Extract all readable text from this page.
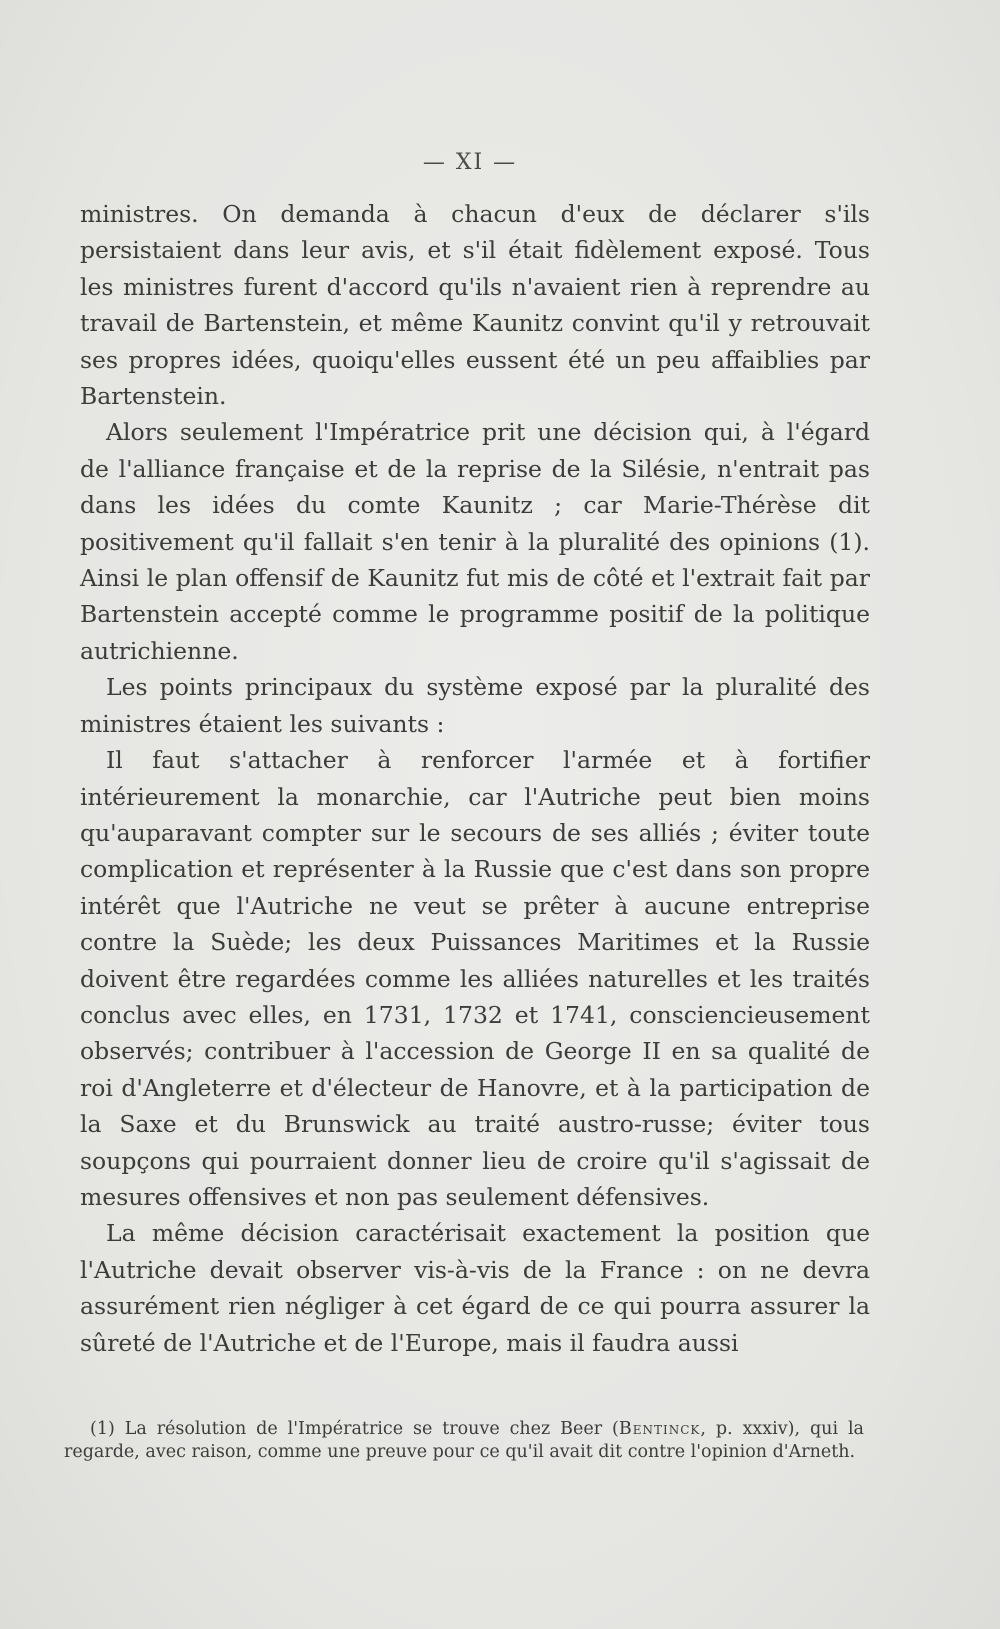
— XI —

ministres. On demanda à chacun d'eux de déclarer s'ils persistaient dans leur avis, et s'il était fidèlement exposé. Tous les ministres furent d'accord qu'ils n'avaient rien à reprendre au travail de Bartenstein, et même Kaunitz convint qu'il y retrouvait ses propres idées, quoiqu'elles eussent été un peu affaiblies par Bartenstein.

Alors seulement l'Impératrice prit une décision qui, à l'égard de l'alliance française et de la reprise de la Silésie, n'entrait pas dans les idées du comte Kaunitz ; car Marie-Thérèse dit positivement qu'il fallait s'en tenir à la pluralité des opinions (1). Ainsi le plan offensif de Kaunitz fut mis de côté et l'extrait fait par Bartenstein accepté comme le programme positif de la politique autrichienne.

Les points principaux du système exposé par la pluralité des ministres étaient les suivants :

Il faut s'attacher à renforcer l'armée et à fortifier intérieurement la monarchie, car l'Autriche peut bien moins qu'auparavant compter sur le secours de ses alliés ; éviter toute complication et représenter à la Russie que c'est dans son propre intérêt que l'Autriche ne veut se prêter à aucune entreprise contre la Suède; les deux Puissances Maritimes et la Russie doivent être regardées comme les alliées naturelles et les traités conclus avec elles, en 1731, 1732 et 1741, consciencieusement observés; contribuer à l'accession de George II en sa qualité de roi d'Angleterre et d'électeur de Hanovre, et à la participation de la Saxe et du Brunswick au traité austro-russe; éviter tous soupçons qui pourraient donner lieu de croire qu'il s'agissait de mesures offensives et non pas seulement défensives.

La même décision caractérisait exactement la position que l'Autriche devait observer vis-à-vis de la France : on ne devra assurément rien négliger à cet égard de ce qui pourra assurer la sûreté de l'Autriche et de l'Europe, mais il faudra aussi

(1) La résolution de l'Impératrice se trouve chez Beer (Bentinck, p. xxxiv), qui la regarde, avec raison, comme une preuve pour ce qu'il avait dit contre l'opinion d'Arneth.
